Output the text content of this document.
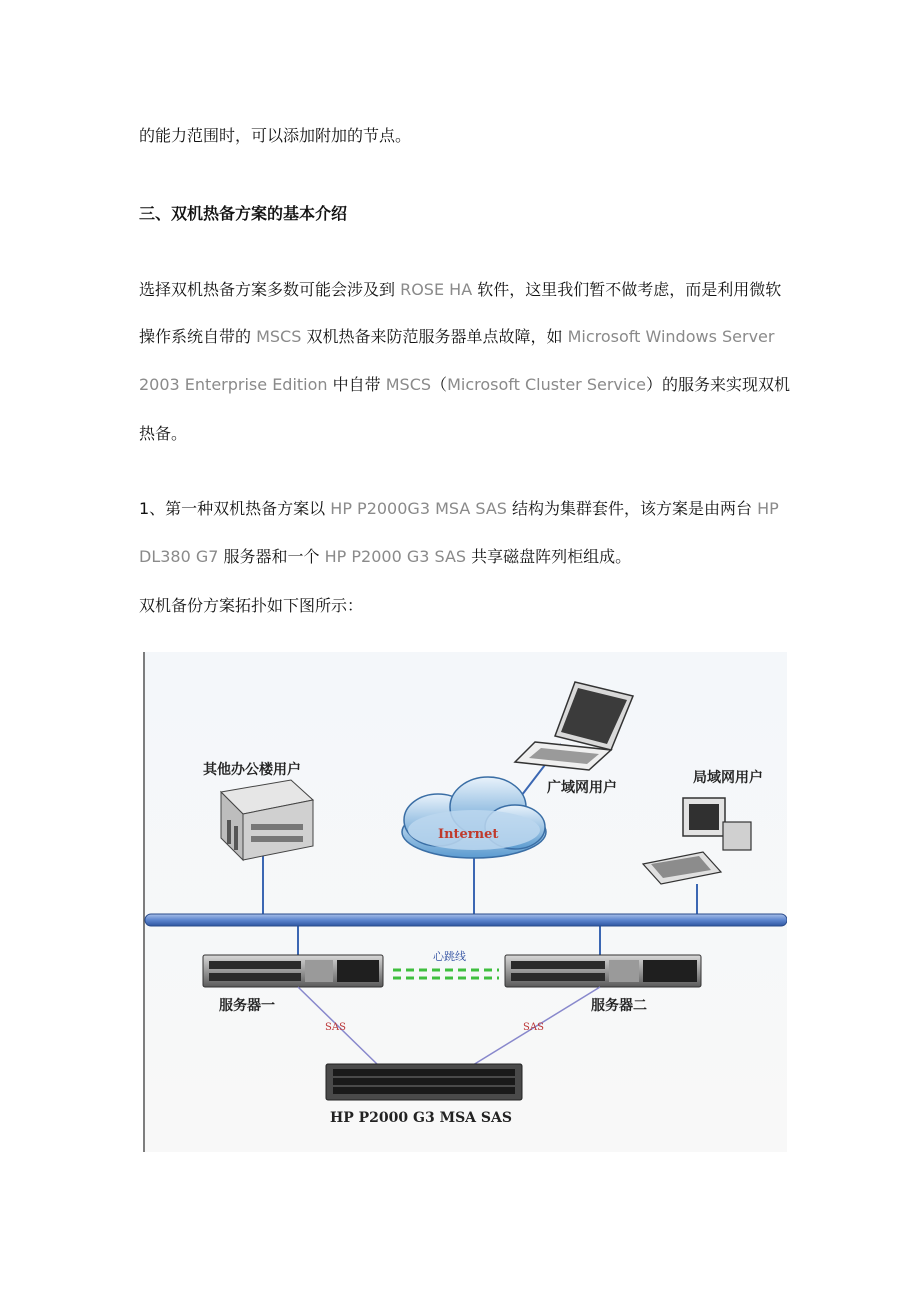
的能力范围时，可以添加附加的节点。
三、双机热备方案的基本介绍
选择双机热备方案多数可能会涉及到 ROSE HA 软件，这里我们暂不做考虑，而是利用微软
操作系统自带的 MSCS 双机热备来防范服务器单点故障，如 Microsoft Windows Server
2003 Enterprise Edition 中自带 MSCS（Microsoft Cluster Service）的服务来实现双机
热备。
1、第一种双机热备方案以 HP P2000G3 MSA SAS 结构为集群套件，该方案是由两台 HP
DL380 G7 服务器和一个 HP P2000 G3 SAS 共享磁盘阵列柜组成。
双机备份方案拓扑如下图所示：
其他办公楼用户
Internet
广域网用户
局域网用户
服务器一	服务器二
心跳线
SAS	SAS
HP P2000 G3 MSA SAS
